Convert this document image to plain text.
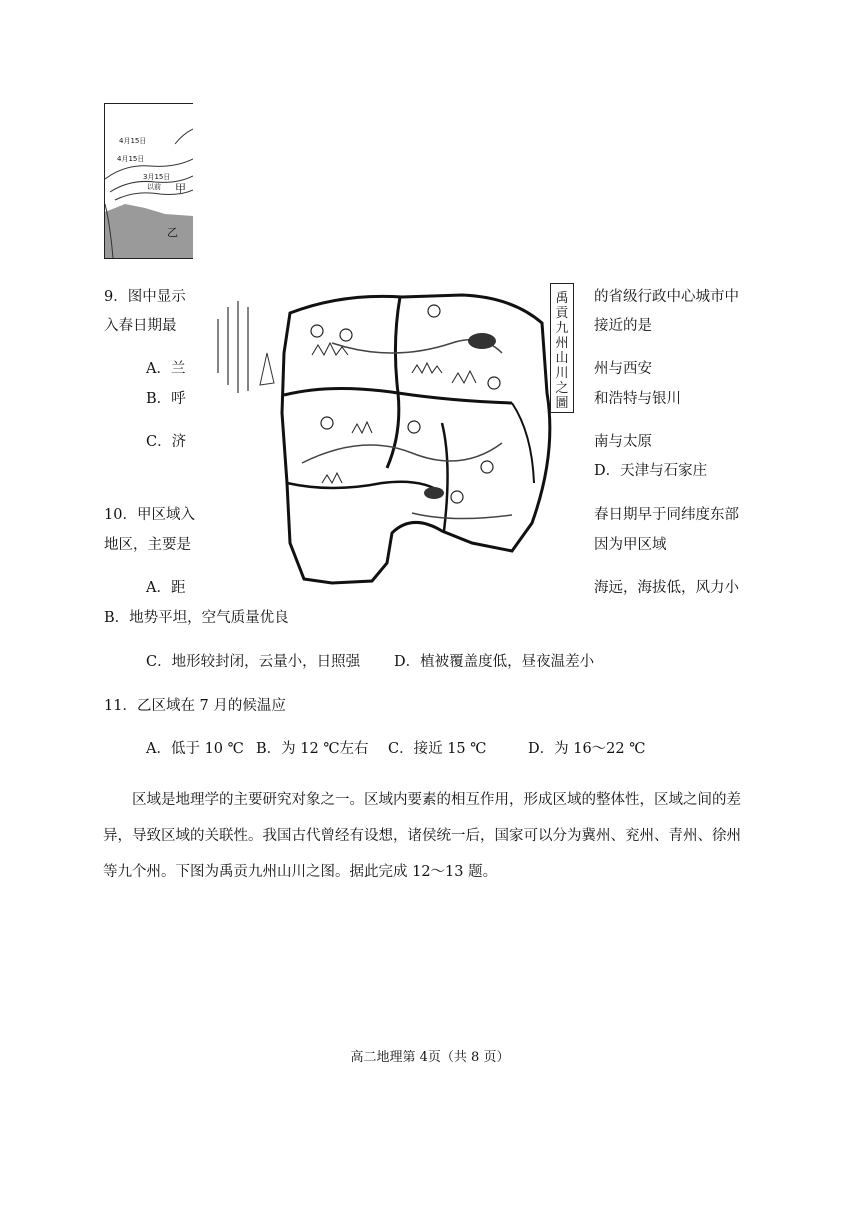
4月15日
4月15日
3月15日
以前 甲
乙
9．图中显示	的省级行政中心城市中
入春日期最	接近的是
A．兰	州与西安
B．呼	和浩特与银川
C．济	南与太原
D．天津与石家庄
10．甲区域入	春日期早于同纬度东部
地区，主要是	因为甲区域
A．距	海远，海拔低，风力小
B．地势平坦，空气质量优良
C．地形较封闭，云量小，日照强 D．植被覆盖度低，昼夜温差小
11．乙区域在 7 月的候温应
A．低于 10 ℃ B．为 12 ℃左右 C．接近 15 ℃	D．为 16～22 ℃
禹
貢
九
州
山
川
之
圖
区域是地理学的主要研究对象之一。区域内要素的相互作用，形成区域的整体性，区域之间的差异，导致区域的关联性。我国古代曾经有设想，诸侯统一后，国家可以分为冀州、兖州、青州、徐州等九个州。下图为禹贡九州山川之图。据此完成 12～13 题。
高二地理第 4页（共 8 页）
